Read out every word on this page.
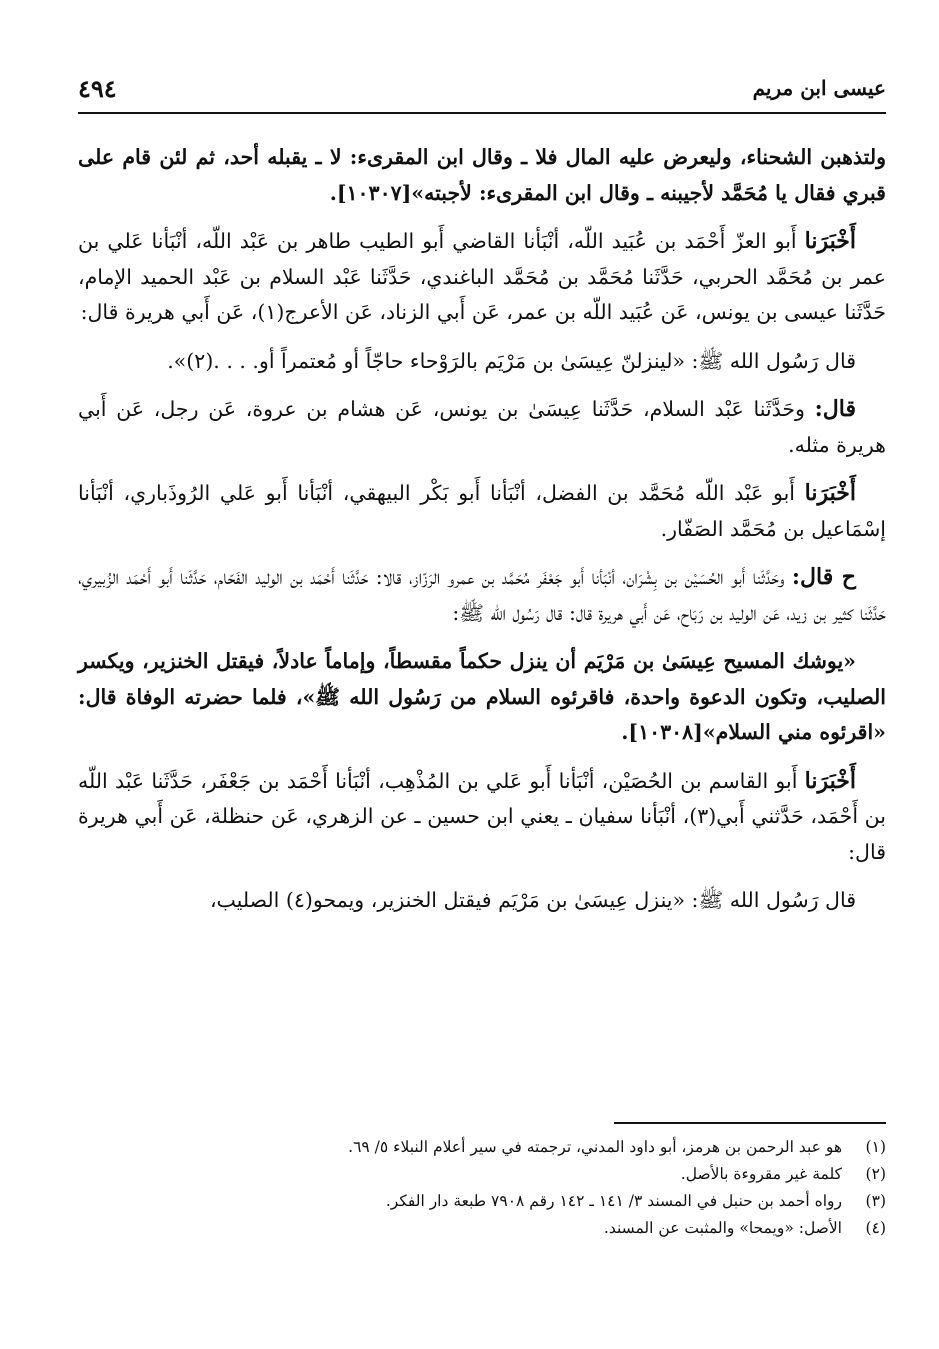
٤٩٤	عيسى ابن مريم

ولتذهبن الشحناء، وليعرض عليه المال فلا ـ وقال ابن المقرىء: لا ـ يقبله أحد، ثم لئن قام على قبري فقال يا مُحَمَّد لأجيبنه ـ وقال ابن المقرىء: لأجبته»[١٠٣٠٧].

أَخْبَرَنا أَبو العزّ أَحْمَد بن عُبَيد اللّه، أنْبَأنا القاضي أَبو الطيب طاهر بن عَبْد اللّه، أنْبَأنا عَلي بن عمر بن مُحَمَّد الحربي، حَدَّثَنا مُحَمَّد بن مُحَمَّد الباغندي، حَدَّثَنا عَبْد السلام بن عَبْد الحميد الإمام، حَدَّثَنا عيسى بن يونس، عَن عُبَيد اللّه بن عمر، عَن أَبي الزناد، عَن الأعرج(١)، عَن أَبي هريرة قال:

قال رَسُول الله ﷺ: «لينزلنّ عِيسَىٰ بن مَرْيَم بالرَوْحاء حاجّاً أو مُعتمراً أو. . . .(٢)».

قال: وحَدَّثَنا عَبْد السلام، حَدَّثَنا عِيسَىٰ بن يونس، عَن هشام بن عروة، عَن رجل، عَن أَبي هريرة مثله.

أَخْبَرَنا أَبو عَبْد اللّه مُحَمَّد بن الفضل، أنْبَأنا أَبو بَكْر البيهقي، أنْبَأنا أَبو عَلي الرُوذَباري، أنْبَأنا إسْمَاعيل بن مُحَمَّد الصَفّار.

ح قال: وحَدَّثَنا أَبو الحُسَيْن بن بِشْرَان، أنْبَأنا أَبو جَعْفَر مُحَمَّد بن عمرو الرَزّاز، قالا: حَدَّثَنا أَحْمَد بن الوليد الفَحّام، حَدَّثَنا أَبو أَحْمَد الزُبيري، حَدَّثَنا كثير بن زيد، عَن الوليد بن رَبَاح، عَن أَبي هريرة قال: قال رَسُول الله ﷺ:

«يوشك المسيح عِيسَىٰ بن مَرْيَم أن ينزل حكماً مقسطاً، وإماماً عادلاً، فيقتل الخنزير، ويكسر الصليب، وتكون الدعوة واحدة، فاقرئوه السلام من رَسُول الله ﷺ»، فلما حضرته الوفاة قال: «اقرئوه مني السلام»[١٠٣٠٨].

أَخْبَرَنا أَبو القاسم بن الحُصَيْن، أنْبَأنا أَبو عَلي بن المُذْهِب، أنْبَأنا أَحْمَد بن جَعْفَر، حَدَّثَنا عَبْد اللّه بن أَحْمَد، حَدَّثني أَبي(٣)، أنْبَأنا سفيان ـ يعني ابن حسين ـ عن الزهري، عَن حنظلة، عَن أَبي هريرة قال:

قال رَسُول الله ﷺ: «ينزل عِيسَىٰ بن مَرْيَم فيقتل الخنزير، ويمحو(٤) الصليب،

(١)
هو عبد الرحمن بن هرمز، أبو داود المدني، ترجمته في سير أعلام النبلاء ٥/ ٦٩.
(٢)
كلمة غير مقروءة بالأصل.
(٣)
رواه أحمد بن حنبل في المسند ٣/ ١٤١ ـ ١٤٢ رقم ٧٩٠٨ طبعة دار الفكر.
(٤)
الأصل: «ويمحا» والمثبت عن المسند.
